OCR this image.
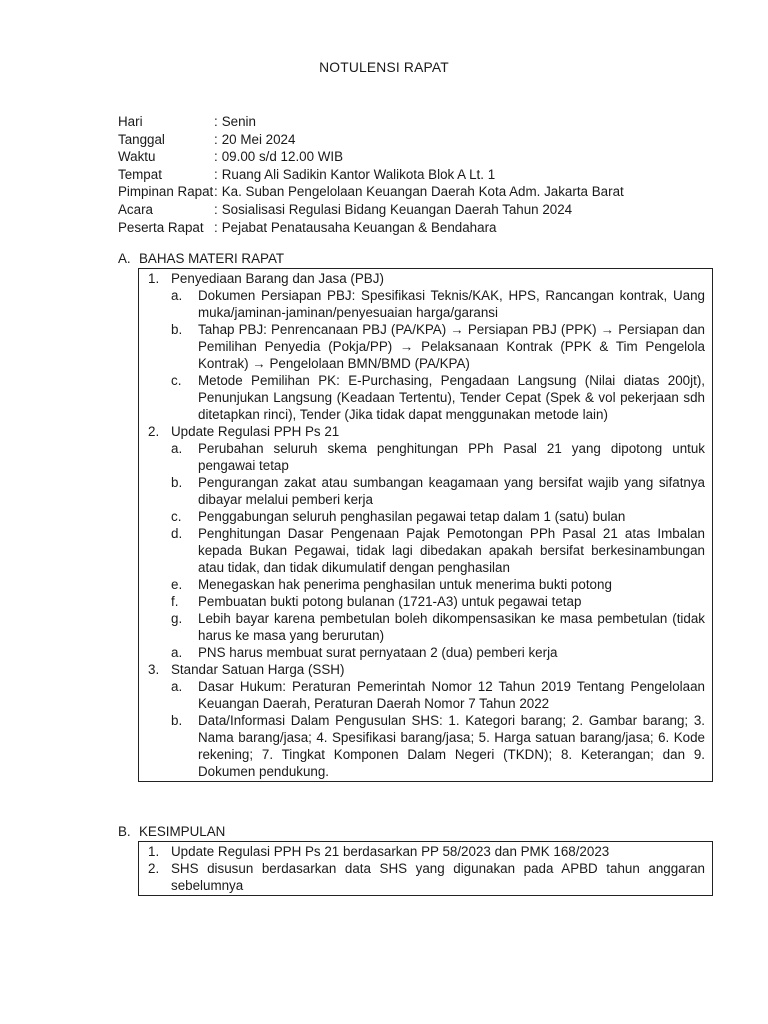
NOTULENSI RAPAT
Hari	: Senin
Tanggal	: 20 Mei 2024
Waktu	: 09.00 s/d 12.00 WIB
Tempat	: Ruang Ali Sadikin Kantor Walikota Blok A Lt. 1
Pimpinan Rapat: Ka. Suban Pengelolaan Keuangan Daerah Kota Adm. Jakarta Barat
Acara	: Sosialisasi Regulasi Bidang Keuangan Daerah Tahun 2024
Peserta Rapat : Pejabat Penatausaha Keuangan & Bendahara
A. BAHAS MATERI RAPAT
1. Penyediaan Barang dan Jasa (PBJ)
a.	Dokumen Persiapan PBJ: Spesifikasi Teknis/KAK, HPS, Rancangan kontrak, Uang muka/jaminan-jaminan/penyesuaian harga/garansi
b.	Tahap PBJ: Penrencanaan PBJ (PA/KPA) → Persiapan PBJ (PPK) → Persiapan dan Pemilihan Penyedia (Pokja/PP) → Pelaksanaan Kontrak (PPK & Tim Pengelola Kontrak) → Pengelolaan BMN/BMD (PA/KPA)
c.	Metode Pemilihan PK: E-Purchasing, Pengadaan Langsung (Nilai diatas 200jt), Penunjukan Langsung (Keadaan Tertentu), Tender Cepat (Spek & vol pekerjaan sdh ditetapkan rinci), Tender (Jika tidak dapat menggunakan metode lain)
2. Update Regulasi PPH Ps 21
a.	Perubahan seluruh skema penghitungan PPh Pasal 21 yang dipotong untuk pengawai tetap
b.	Pengurangan zakat atau sumbangan keagamaan yang bersifat wajib yang sifatnya dibayar melalui pemberi kerja
c.	Penggabungan seluruh penghasilan pegawai tetap dalam 1 (satu) bulan
d.	Penghitungan Dasar Pengenaan Pajak Pemotongan PPh Pasal 21 atas Imbalan kepada Bukan Pegawai, tidak lagi dibedakan apakah bersifat berkesinambungan atau tidak, dan tidak dikumulatif dengan penghasilan
e.	Menegaskan hak penerima penghasilan untuk menerima bukti potong
f.	Pembuatan bukti potong bulanan (1721-A3) untuk pegawai tetap
g.	Lebih bayar karena pembetulan boleh dikompensasikan ke masa pembetulan (tidak harus ke masa yang berurutan)
a.	PNS harus membuat surat pernyataan 2 (dua) pemberi kerja
3. Standar Satuan Harga (SSH)
a.	Dasar Hukum: Peraturan Pemerintah Nomor 12 Tahun 2019 Tentang Pengelolaan Keuangan Daerah, Peraturan Daerah Nomor 7 Tahun 2022
b.	Data/Informasi Dalam Pengusulan SHS: 1. Kategori barang; 2. Gambar barang; 3. Nama barang/jasa; 4. Spesifikasi barang/jasa; 5. Harga satuan barang/jasa; 6. Kode rekening; 7. Tingkat Komponen Dalam Negeri (TKDN); 8. Keterangan; dan 9. Dokumen pendukung.
B. KESIMPULAN
1. Update Regulasi PPH Ps 21 berdasarkan PP 58/2023 dan PMK 168/2023
2. SHS disusun berdasarkan data SHS yang digunakan pada APBD tahun anggaran sebelumnya
